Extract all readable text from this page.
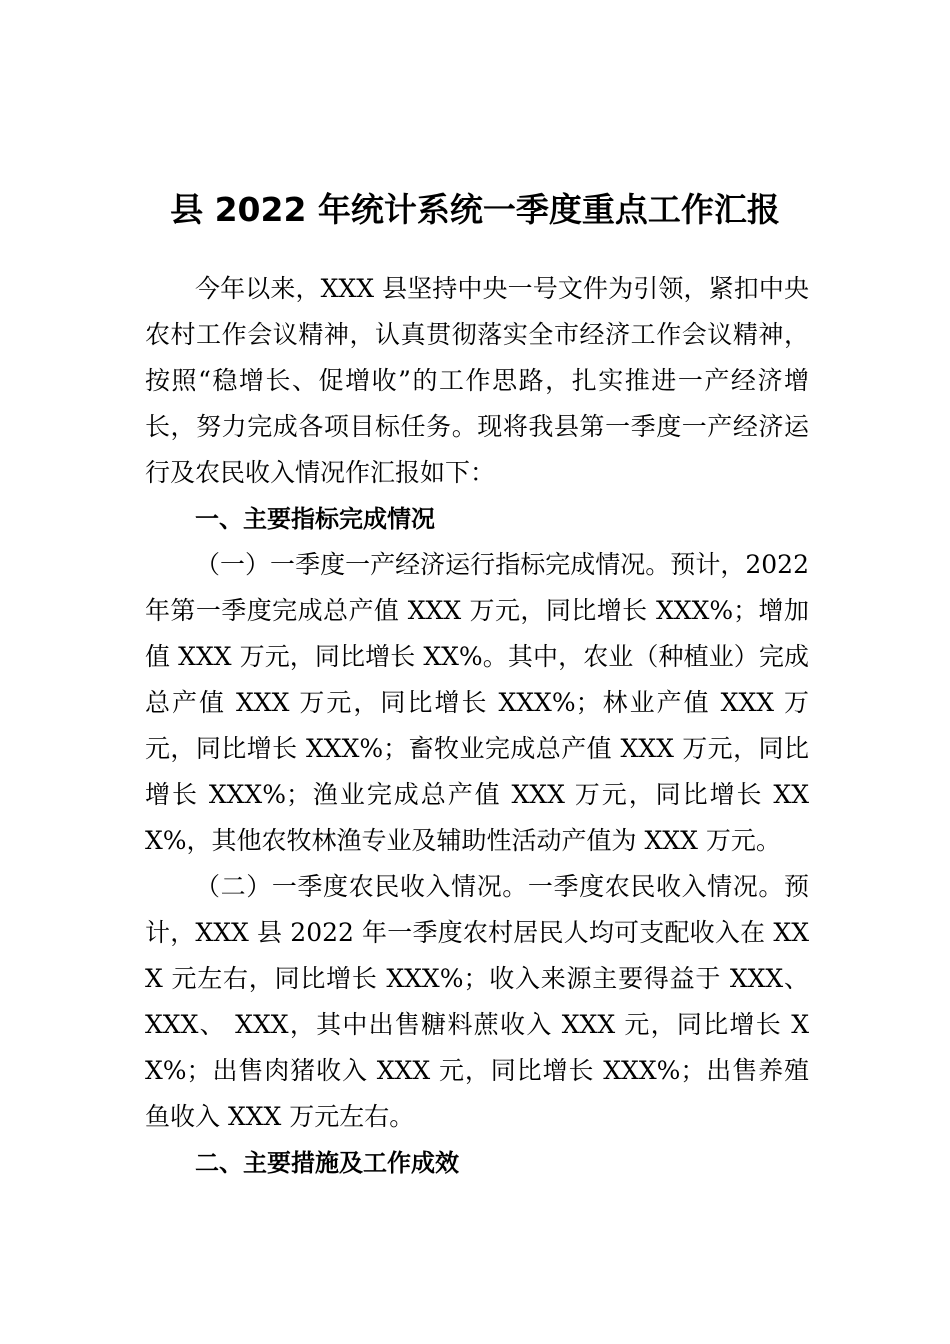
县 2022 年统计系统一季度重点工作汇报

今年以来，XXX 县坚持中央一号文件为引领，紧扣中央农村工作会议精神，认真贯彻落实全市经济工作会议精神，按照“稳增长、促增收”的工作思路，扎实推进一产经济增长，努力完成各项目标任务。现将我县第一季度一产经济运行及农民收入情况作汇报如下：

一、主要指标完成情况

（一）一季度一产经济运行指标完成情况。预计，2022 年第一季度完成总产值 XXX 万元，同比增长 XXX%；增加值 XXX 万元，同比增长 XX%。其中，农业（种植业）完成总产值 XXX 万元，同比增长 XXX%；林业产值 XXX 万元，同比增长 XXX%；畜牧业完成总产值 XXX 万元，同比增长 XXX%；渔业完成总产值 XXX 万元，同比增长 XXX%，其他农牧林渔专业及辅助性活动产值为 XXX 万元。

（二）一季度农民收入情况。一季度农民收入情况。预计，XXX 县 2022 年一季度农村居民人均可支配收入在 XXX 元左右，同比增长 XXX%；收入来源主要得益于 XXX、XXX、 XXX，其中出售糖料蔗收入 XXX 元，同比增长 XX%；出售肉猪收入 XXX 元，同比增长 XXX%；出售养殖鱼收入 XXX 万元左右。

二、主要措施及工作成效
